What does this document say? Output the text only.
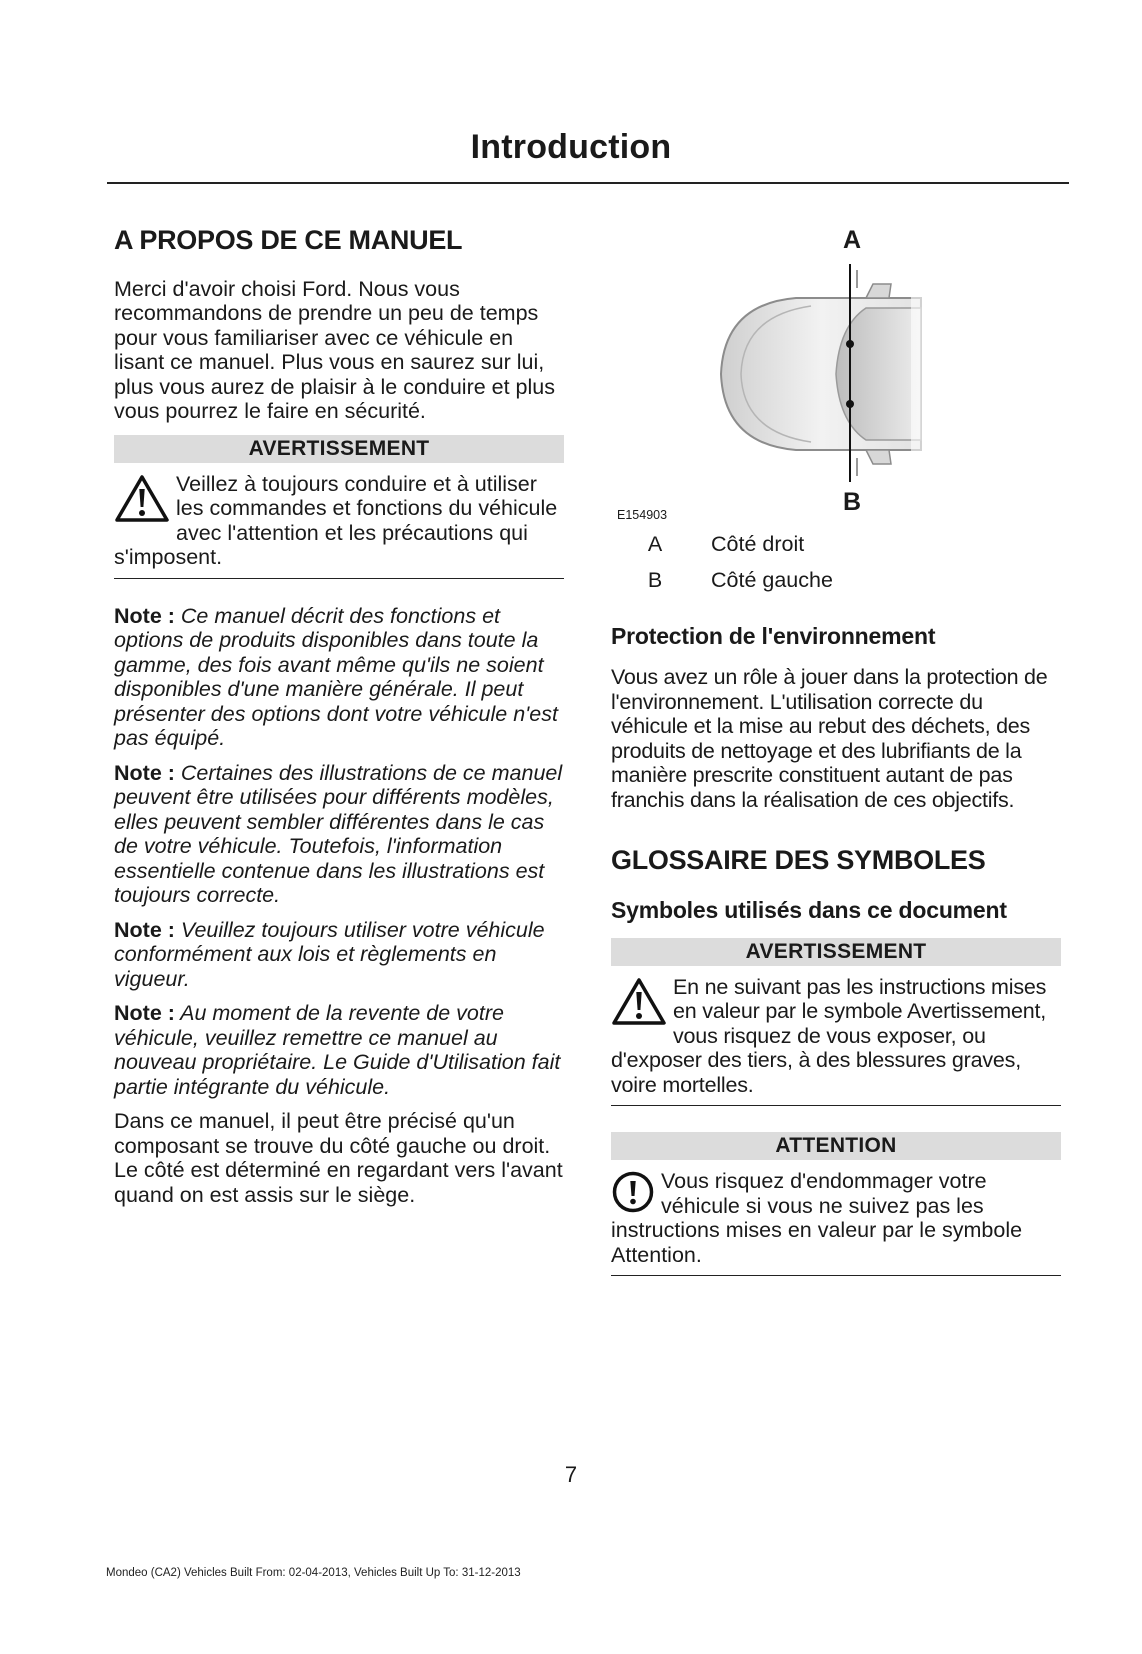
Introduction
A PROPOS DE CE MANUEL
Merci d'avoir choisi Ford. Nous vous recommandons de prendre un peu de temps pour vous familiariser avec ce véhicule en lisant ce manuel. Plus vous en saurez sur lui, plus vous aurez de plaisir à le conduire et plus vous pourrez le faire en sécurité.
AVERTISSEMENT
Veillez à toujours conduire et à utiliser les commandes et fonctions du véhicule avec l'attention et les précautions qui s'imposent.

Note : Ce manuel décrit des fonctions et options de produits disponibles dans toute la gamme, des fois avant même qu'ils ne soient disponibles d'une manière générale. Il peut présenter des options dont votre véhicule n'est pas équipé.

Note : Certaines des illustrations de ce manuel peuvent être utilisées pour différents modèles, elles peuvent sembler différentes dans le cas de votre véhicule. Toutefois, l'information essentielle contenue dans les illustrations est toujours correcte.

Note : Veuillez toujours utiliser votre véhicule conformément aux lois et règlements en vigueur.

Note : Au moment de la revente de votre véhicule, veuillez remettre ce manuel au nouveau propriétaire. Le Guide d'Utilisation fait partie intégrante du véhicule.

Dans ce manuel, il peut être précisé qu'un composant se trouve du côté gauche ou droit. Le côté est déterminé en regardant vers l'avant quand on est assis sur le siège.

A
B
E154903
A	Côté droit
B	Côté gauche
Protection de l'environnement
Vous avez un rôle à jouer dans la protection de l'environnement. L'utilisation correcte du véhicule et la mise au rebut des déchets, des produits de nettoyage et des lubrifiants de la manière prescrite constituent autant de pas franchis dans la réalisation de ces objectifs.
GLOSSAIRE DES SYMBOLES
Symboles utilisés dans ce document
AVERTISSEMENT
En ne suivant pas les instructions mises en valeur par le symbole Avertissement, vous risquez de vous exposer, ou d'exposer des tiers, à des blessures graves, voire mortelles.
ATTENTION
Vous risquez d'endommager votre véhicule si vous ne suivez pas les instructions mises en valeur par le symbole Attention.
7
Mondeo (CA2) Vehicles Built From: 02-04-2013, Vehicles Built Up To: 31-12-2013
